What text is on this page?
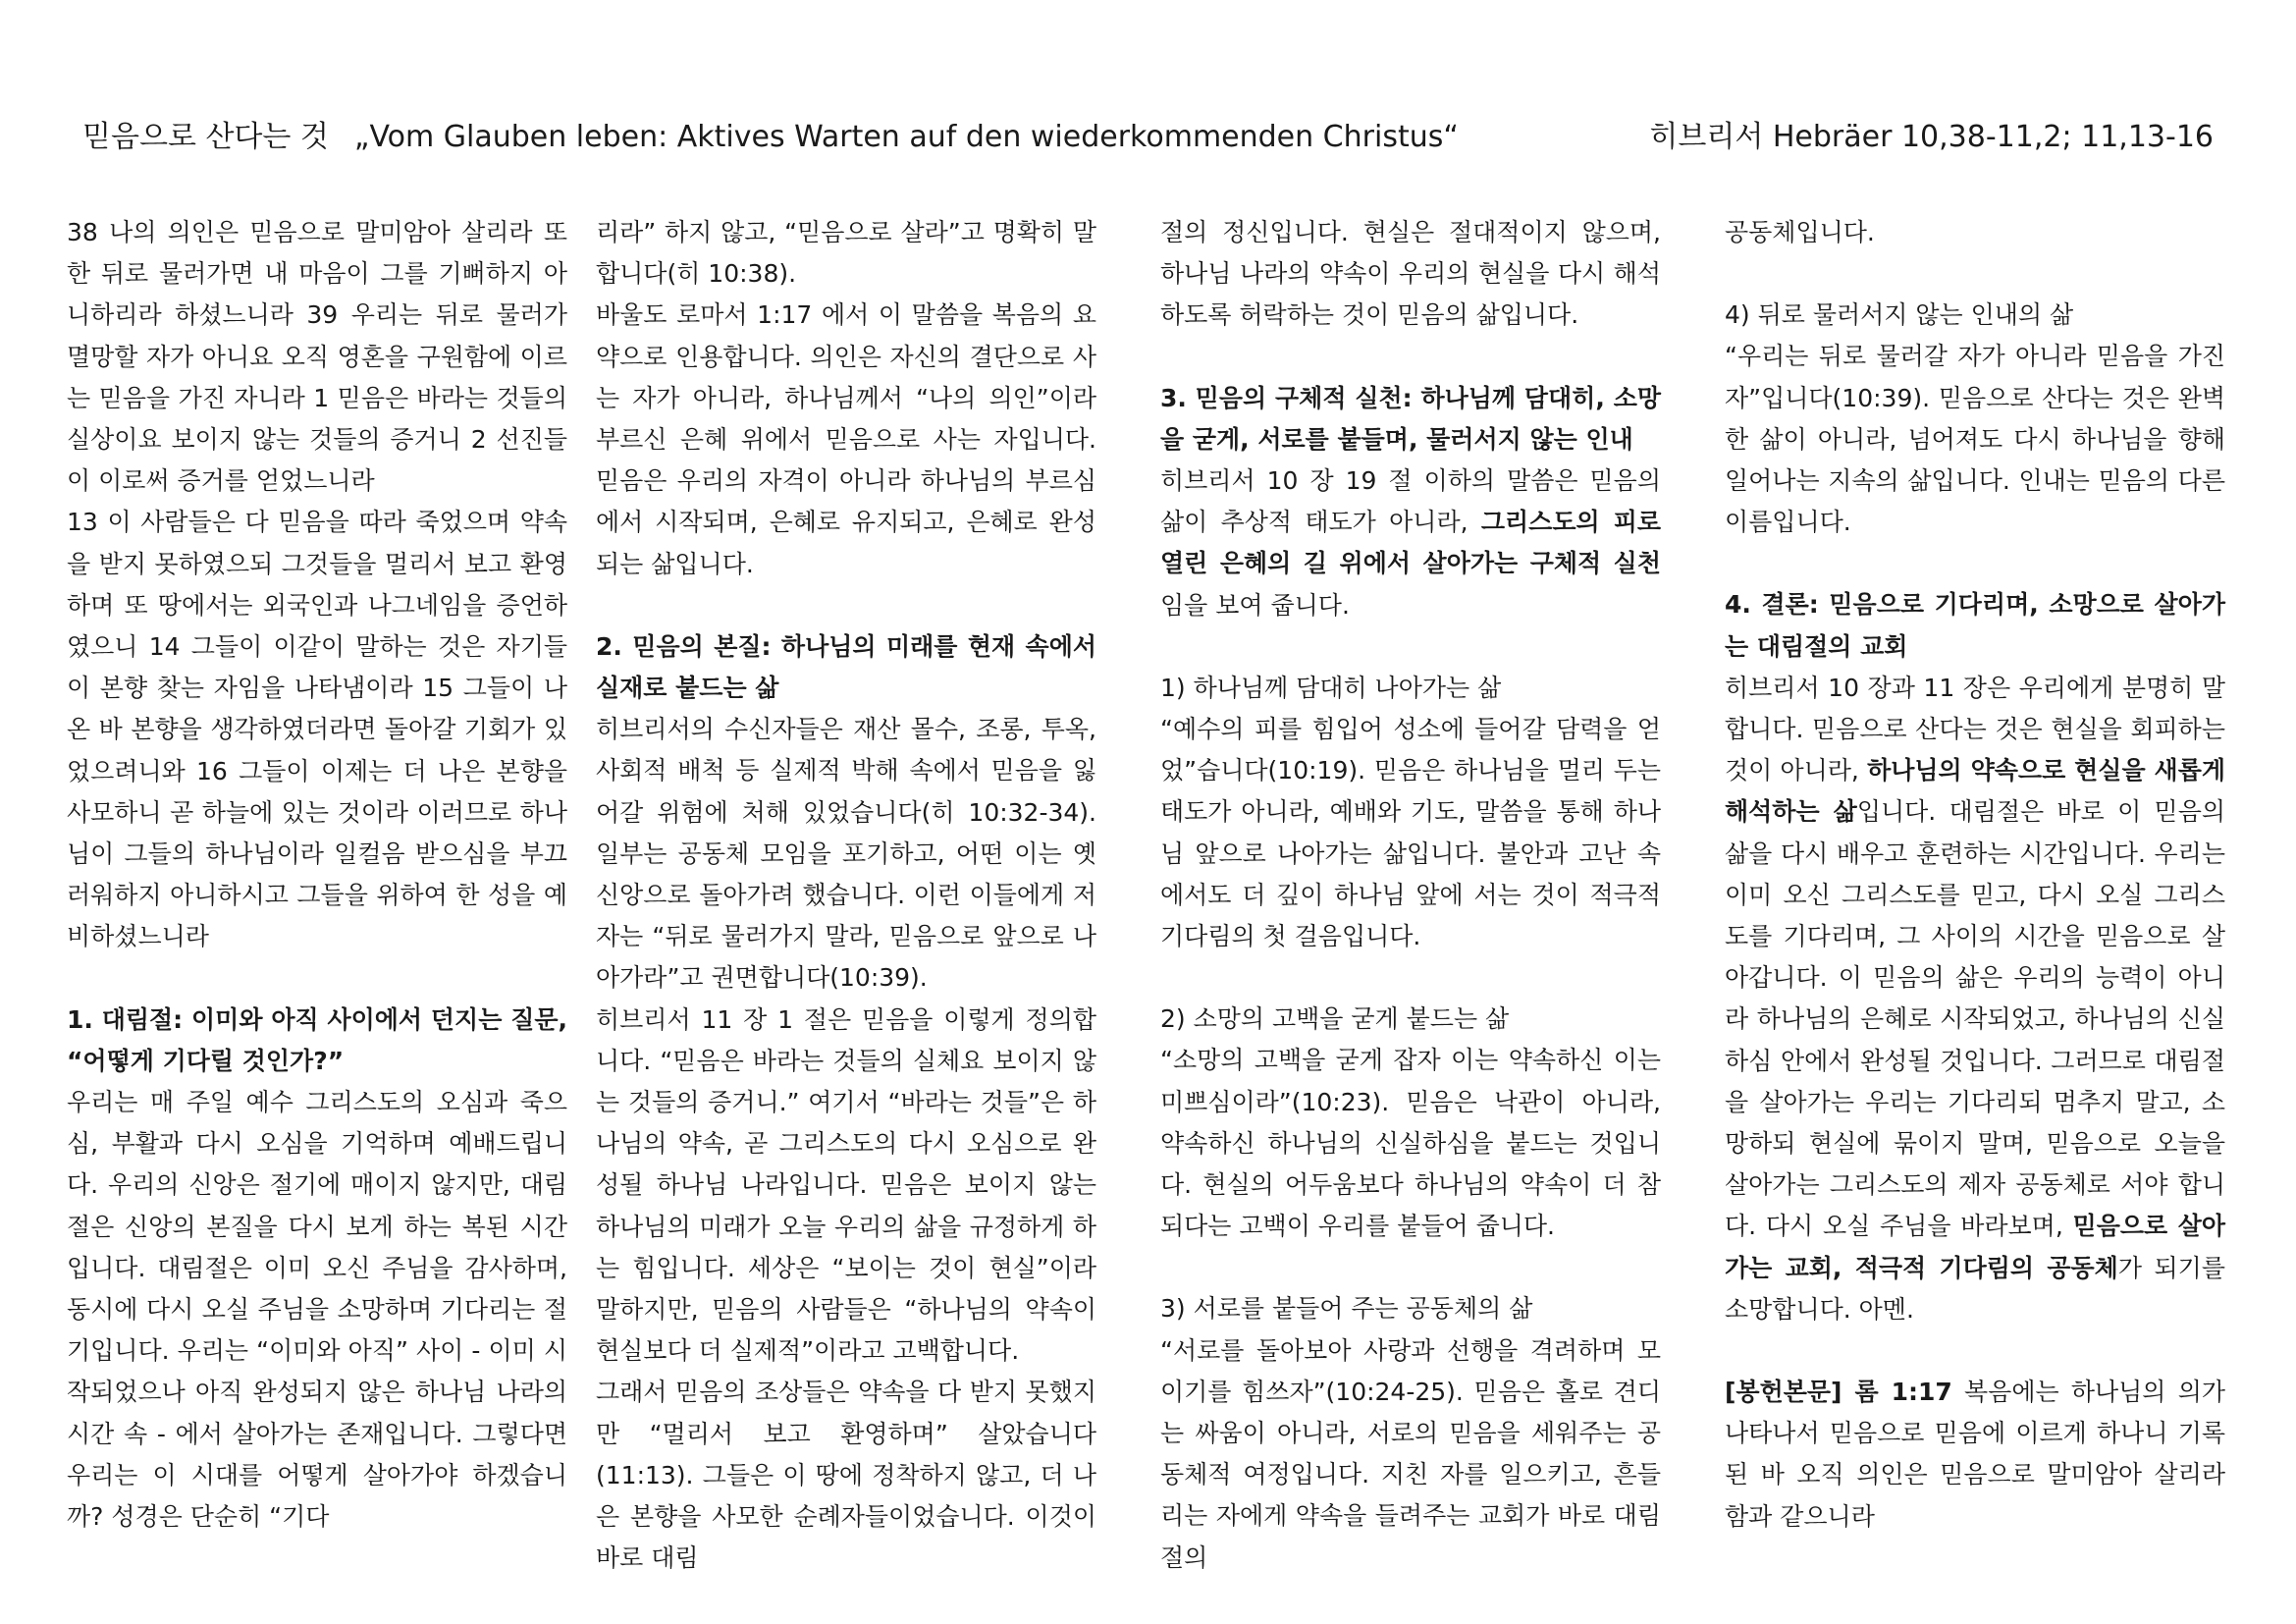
믿음으로 산다는 것 „Vom Glauben leben: Aktives Warten auf den wiederkommenden Christus“	히브리서 Hebräer 10,38-11,2; 11,13-16

38 나의 의인은 믿음으로 말미암아 살리라 또한 뒤로 물러가면 내 마음이 그를 기뻐하지 아니하리라 하셨느니라 39 우리는 뒤로 물러가 멸망할 자가 아니요 오직 영혼을 구원함에 이르는 믿음을 가진 자니라 1 믿음은 바라는 것들의 실상이요 보이지 않는 것들의 증거니 2 선진들이 이로써 증거를 얻었느니라

13 이 사람들은 다 믿음을 따라 죽었으며 약속을 받지 못하였으되 그것들을 멀리서 보고 환영하며 또 땅에서는 외국인과 나그네임을 증언하였으니 14 그들이 이같이 말하는 것은 자기들이 본향 찾는 자임을 나타냄이라 15 그들이 나온 바 본향을 생각하였더라면 돌아갈 기회가 있었으려니와 16 그들이 이제는 더 나은 본향을 사모하니 곧 하늘에 있는 것이라 이러므로 하나님이 그들의 하나님이라 일컬음 받으심을 부끄러워하지 아니하시고 그들을 위하여 한 성을 예비하셨느니라

1. 대림절: 이미와 아직 사이에서 던지는 질문, “어떻게 기다릴 것인가?”

우리는 매 주일 예수 그리스도의 오심과 죽으심, 부활과 다시 오심을 기억하며 예배드립니다. 우리의 신앙은 절기에 매이지 않지만, 대림절은 신앙의 본질을 다시 보게 하는 복된 시간입니다. 대림절은 이미 오신 주님을 감사하며, 동시에 다시 오실 주님을 소망하며 기다리는 절기입니다. 우리는 “이미와 아직” 사이 - 이미 시작되었으나 아직 완성되지 않은 하나님 나라의 시간 속 - 에서 살아가는 존재입니다. 그렇다면 우리는 이 시대를 어떻게 살아가야 하겠습니까? 성경은 단순히 “기다

리라” 하지 않고, “믿음으로 살라”고 명확히 말합니다(히 10:38).

바울도 로마서 1:17 에서 이 말씀을 복음의 요약으로 인용합니다. 의인은 자신의 결단으로 사는 자가 아니라, 하나님께서 “나의 의인”이라 부르신 은혜 위에서 믿음으로 사는 자입니다. 믿음은 우리의 자격이 아니라 하나님의 부르심에서 시작되며, 은혜로 유지되고, 은혜로 완성되는 삶입니다.

2. 믿음의 본질: 하나님의 미래를 현재 속에서 실재로 붙드는 삶

히브리서의 수신자들은 재산 몰수, 조롱, 투옥, 사회적 배척 등 실제적 박해 속에서 믿음을 잃어갈 위험에 처해 있었습니다(히 10:32-34). 일부는 공동체 모임을 포기하고, 어떤 이는 옛 신앙으로 돌아가려 했습니다. 이런 이들에게 저자는 “뒤로 물러가지 말라, 믿음으로 앞으로 나아가라”고 권면합니다(10:39).

히브리서 11 장 1 절은 믿음을 이렇게 정의합니다. “믿음은 바라는 것들의 실체요 보이지 않는 것들의 증거니.” 여기서 “바라는 것들”은 하나님의 약속, 곧 그리스도의 다시 오심으로 완성될 하나님 나라입니다. 믿음은 보이지 않는 하나님의 미래가 오늘 우리의 삶을 규정하게 하는 힘입니다. 세상은 “보이는 것이 현실”이라 말하지만, 믿음의 사람들은 “하나님의 약속이 현실보다 더 실제적”이라고 고백합니다.

그래서 믿음의 조상들은 약속을 다 받지 못했지만 “멀리서 보고 환영하며” 살았습니다(11:13). 그들은 이 땅에 정착하지 않고, 더 나은 본향을 사모한 순례자들이었습니다. 이것이 바로 대림

절의 정신입니다. 현실은 절대적이지 않으며, 하나님 나라의 약속이 우리의 현실을 다시 해석하도록 허락하는 것이 믿음의 삶입니다.

3. 믿음의 구체적 실천: 하나님께 담대히, 소망을 굳게, 서로를 붙들며, 물러서지 않는 인내

히브리서 10 장 19 절 이하의 말씀은 믿음의 삶이 추상적 태도가 아니라, 그리스도의 피로 열린 은혜의 길 위에서 살아가는 구체적 실천임을 보여 줍니다.

1) 하나님께 담대히 나아가는 삶

“예수의 피를 힘입어 성소에 들어갈 담력을 얻었”습니다(10:19). 믿음은 하나님을 멀리 두는 태도가 아니라, 예배와 기도, 말씀을 통해 하나님 앞으로 나아가는 삶입니다. 불안과 고난 속에서도 더 깊이 하나님 앞에 서는 것이 적극적 기다림의 첫 걸음입니다.

2) 소망의 고백을 굳게 붙드는 삶

“소망의 고백을 굳게 잡자 이는 약속하신 이는 미쁘심이라”(10:23). 믿음은 낙관이 아니라, 약속하신 하나님의 신실하심을 붙드는 것입니다. 현실의 어두움보다 하나님의 약속이 더 참되다는 고백이 우리를 붙들어 줍니다.

3) 서로를 붙들어 주는 공동체의 삶

“서로를 돌아보아 사랑과 선행을 격려하며 모이기를 힘쓰자”(10:24-25). 믿음은 홀로 견디는 싸움이 아니라, 서로의 믿음을 세워주는 공동체적 여정입니다. 지친 자를 일으키고, 흔들리는 자에게 약속을 들려주는 교회가 바로 대림절의

공동체입니다.

4) 뒤로 물러서지 않는 인내의 삶

“우리는 뒤로 물러갈 자가 아니라 믿음을 가진 자”입니다(10:39). 믿음으로 산다는 것은 완벽한 삶이 아니라, 넘어져도 다시 하나님을 향해 일어나는 지속의 삶입니다. 인내는 믿음의 다른 이름입니다.

4. 결론: 믿음으로 기다리며, 소망으로 살아가는 대림절의 교회

히브리서 10 장과 11 장은 우리에게 분명히 말합니다. 믿음으로 산다는 것은 현실을 회피하는 것이 아니라, 하나님의 약속으로 현실을 새롭게 해석하는 삶입니다. 대림절은 바로 이 믿음의 삶을 다시 배우고 훈련하는 시간입니다. 우리는 이미 오신 그리스도를 믿고, 다시 오실 그리스도를 기다리며, 그 사이의 시간을 믿음으로 살아갑니다. 이 믿음의 삶은 우리의 능력이 아니라 하나님의 은혜로 시작되었고, 하나님의 신실하심 안에서 완성될 것입니다. 그러므로 대림절을 살아가는 우리는 기다리되 멈추지 말고, 소망하되 현실에 묶이지 말며, 믿음으로 오늘을 살아가는 그리스도의 제자 공동체로 서야 합니다. 다시 오실 주님을 바라보며, 믿음으로 살아가는 교회, 적극적 기다림의 공동체가 되기를 소망합니다. 아멘.

[봉헌본문] 롬 1:17 복음에는 하나님의 의가 나타나서 믿음으로 믿음에 이르게 하나니 기록된 바 오직 의인은 믿음으로 말미암아 살리라 함과 같으니라
